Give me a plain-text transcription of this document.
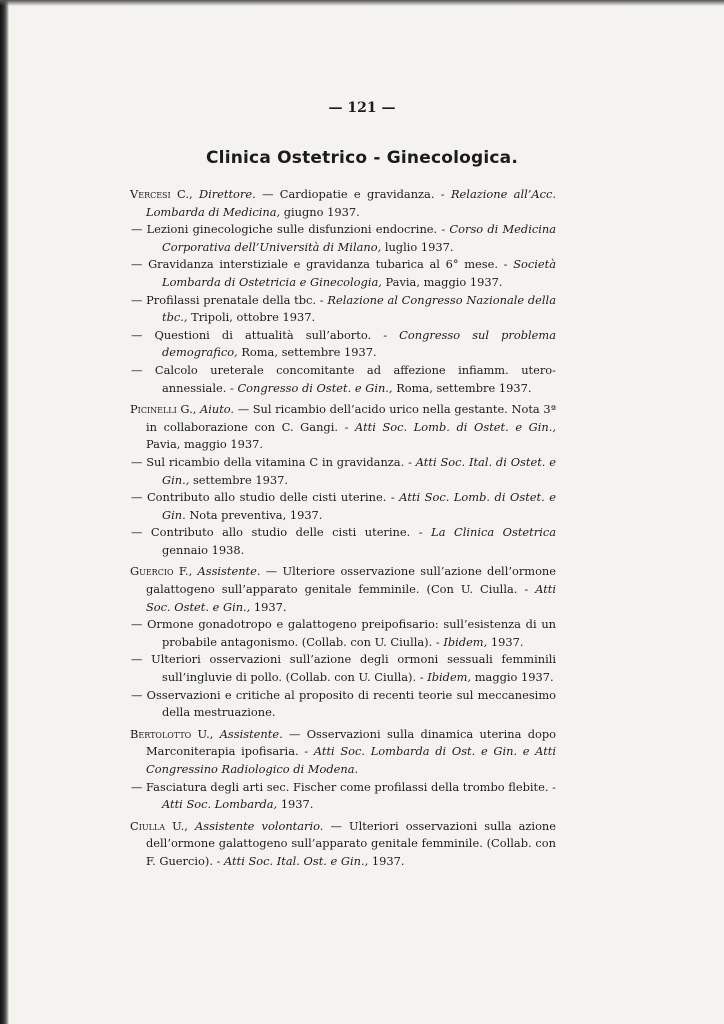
— 121 —
Clinica Ostetrico - Ginecologica.

Vercesi C., Direttore. — Cardiopatie e gravidanza. - Relazione all’Acc. Lombarda di Medicina, giugno 1937.

— Lezioni ginecologiche sulle disfunzioni endocrine. - Corso di Medicina Corporativa dell’Università di Milano, luglio 1937.

— Gravidanza interstiziale e gravidanza tubarica al 6° mese. - Società Lombarda di Ostetricia e Ginecologia, Pavia, maggio 1937.

— Profilassi prenatale della tbc. - Relazione al Congresso Nazionale della tbc., Tripoli, ottobre 1937.

— Questioni di attualità sull’aborto. - Congresso sul problema demografico, Roma, settembre 1937.

— Calcolo ureterale concomitante ad affezione infiamm. utero-annessiale. - Congresso di Ostet. e Gin., Roma, settembre 1937.

Picinelli G., Aiuto. — Sul ricambio dell’acido urico nella gestante. Nota 3ª in collaborazione con C. Gangi. - Atti Soc. Lomb. di Ostet. e Gin., Pavia, maggio 1937.

— Sul ricambio della vitamina C in gravidanza. - Atti Soc. Ital. di Ostet. e Gin., settembre 1937.

— Contributo allo studio delle cisti uterine. - Atti Soc. Lomb. di Ostet. e Gin. Nota preventiva, 1937.

— Contributo allo studio delle cisti uterine. - La Clinica Ostetrica gennaio 1938.

Guercio F., Assistente. — Ulteriore osservazione sull’azione dell’ormone galattogeno sull’apparato genitale femminile. (Con U. Ciulla. - Atti Soc. Ostet. e Gin., 1937.

— Ormone gonadotropo e galattogeno preipofisario: sull’esistenza di un probabile antagonismo. (Collab. con U. Ciulla). - Ibidem, 1937.

— Ulteriori osservazioni sull’azione degli ormoni sessuali femminili sull’ingluvie di pollo. (Collab. con U. Ciulla). - Ibidem, maggio 1937.

— Osservazioni e critiche al proposito di recenti teorie sul meccanesimo della mestruazione.

Bertolotto U., Assistente. — Osservazioni sulla dinamica uterina dopo Marconiterapia ipofisaria. - Atti Soc. Lombarda di Ost. e Gin. e Atti Congressino Radiologico di Modena.

— Fasciatura degli arti sec. Fischer come profilassi della trombo flebite. - Atti Soc. Lombarda, 1937.

Ciulla U., Assistente volontario. — Ulteriori osservazioni sulla azione dell’ormone galattogeno sull’apparato genitale femminile. (Collab. con F. Guercio). - Atti Soc. Ital. Ost. e Gin., 1937.
